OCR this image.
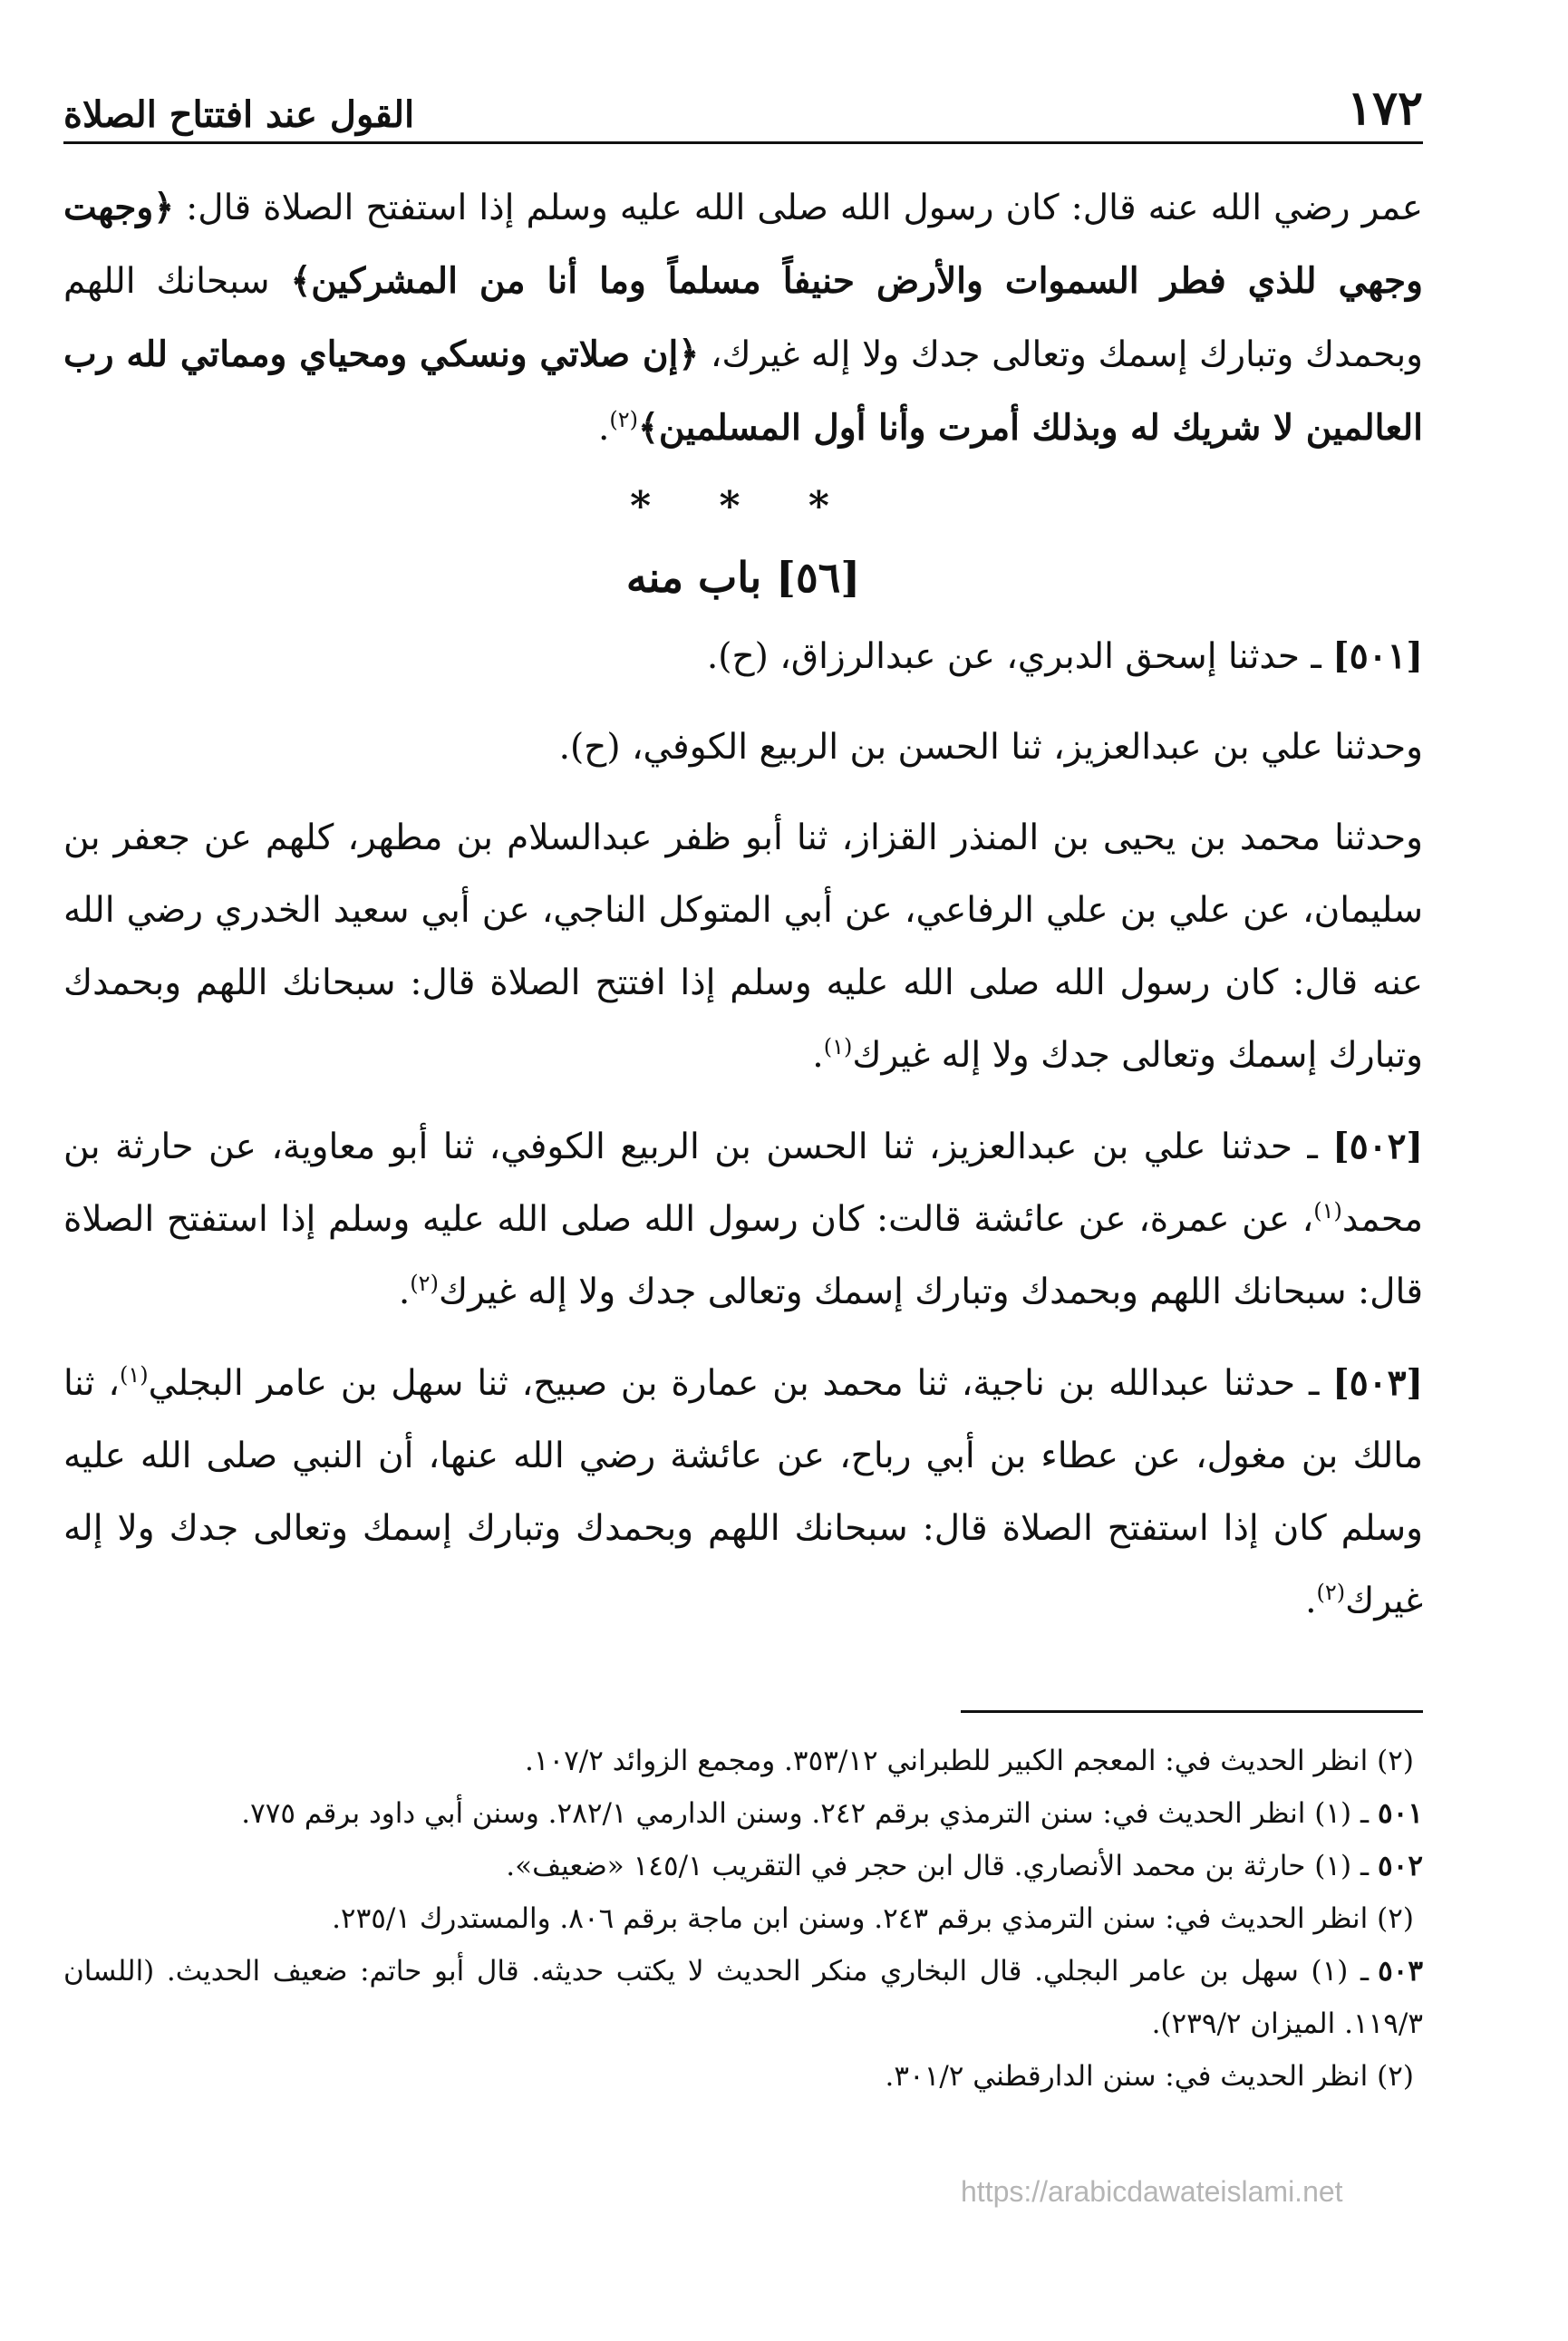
١٧٢
القول عند افتتاح الصلاة

عمر رضي الله عنه قال: كان رسول الله صلى الله عليه وسلم إذا استفتح الصلاة قال: ﴿وجهت وجهي للذي فطر السموات والأرض حنيفاً مسلماً وما أنا من المشركين﴾ سبحانك اللهم وبحمدك وتبارك إسمك وتعالى جدك ولا إله غيرك، ﴿إن صلاتي ونسكي ومحياي ومماتي لله رب العالمين لا شريك له وبذلك أمرت وأنا أول المسلمين﴾$^{(٢)}$.

* * *
[٥٦] باب منه

[٥٠١] ـ حدثنا إسحق الدبري، عن عبدالرزاق، (ح).

وحدثنا علي بن عبدالعزيز، ثنا الحسن بن الربيع الكوفي، (ح).

وحدثنا محمد بن يحيى بن المنذر القزاز، ثنا أبو ظفر عبدالسلام بن مطهر، كلهم عن جعفر بن سليمان، عن علي بن علي الرفاعي، عن أبي المتوكل الناجي، عن أبي سعيد الخدري رضي الله عنه قال: كان رسول الله صلى الله عليه وسلم إذا افتتح الصلاة قال: سبحانك اللهم وبحمدك وتبارك إسمك وتعالى جدك ولا إله غيرك$^{(١)}$.

[٥٠٢] ـ حدثنا علي بن عبدالعزيز، ثنا الحسن بن الربيع الكوفي، ثنا أبو معاوية، عن حارثة بن محمد$^{(١)}$، عن عمرة، عن عائشة قالت: كان رسول الله صلى الله عليه وسلم إذا استفتح الصلاة قال: سبحانك اللهم وبحمدك وتبارك إسمك وتعالى جدك ولا إله غيرك$^{(٢)}$.

[٥٠٣] ـ حدثنا عبدالله بن ناجية، ثنا محمد بن عمارة بن صبيح، ثنا سهل بن عامر البجلي$^{(١)}$، ثنا مالك بن مغول، عن عطاء بن أبي رباح، عن عائشة رضي الله عنها، أن النبي صلى الله عليه وسلم كان إذا استفتح الصلاة قال: سبحانك اللهم وبحمدك وتبارك إسمك وتعالى جدك ولا إله غيرك$^{(٢)}$.

(٢) انظر الحديث في: المعجم الكبير للطبراني ٣٥٣/١٢. ومجمع الزوائد ١٠٧/٢.

٥٠١ـ (١) انظر الحديث في: سنن الترمذي برقم ٢٤٢. وسنن الدارمي ٢٨٢/١. وسنن أبي داود برقم ٧٧٥.

٥٠٢ـ (١) حارثة بن محمد الأنصاري. قال ابن حجر في التقريب ١٤٥/١ «ضعيف».

(٢) انظر الحديث في: سنن الترمذي برقم ٢٤٣. وسنن ابن ماجة برقم ٨٠٦. والمستدرك ٢٣٥/١.

٥٠٣ـ (١) سهل بن عامر البجلي. قال البخاري منكر الحديث لا يكتب حديثه. قال أبو حاتم: ضعيف الحديث. (اللسان ١١٩/٣. الميزان ٢٣٩/٢).

(٢) انظر الحديث في: سنن الدارقطني ٣٠١/٢.

https://arabicdawateislami.net
